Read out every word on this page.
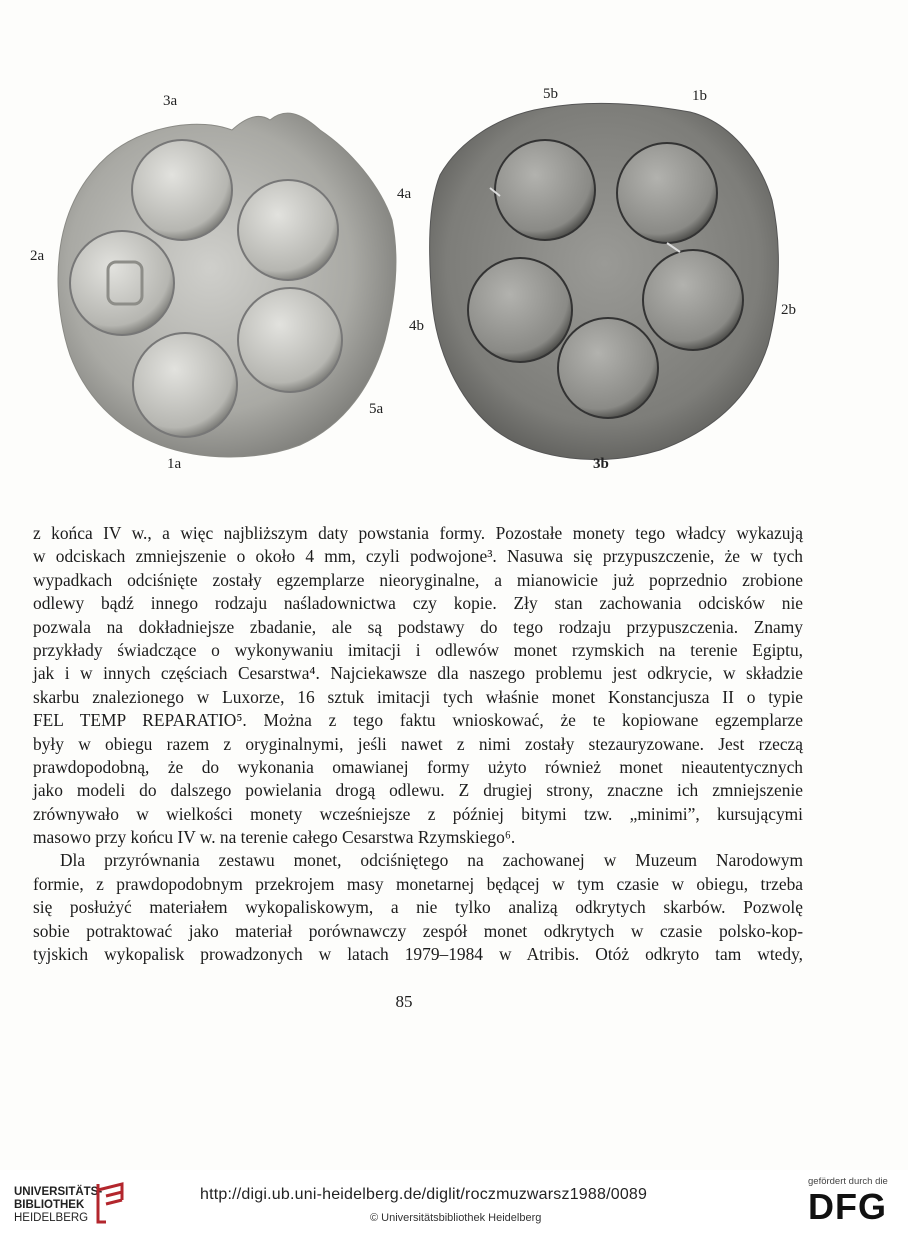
3a
4a
2a
5a
1a
5b	1b
2b
4b
3b
z końca IV w., a więc najbliższym daty powstania formy. Pozostałe monety tego władcy wykazują
w odciskach zmniejszenie o około 4 mm, czyli podwojone³. Nasuwa się przypuszczenie, że w tych
wypadkach odciśnięte zostały egzemplarze nieoryginalne, a mianowicie już poprzednio zrobione
odlewy bądź innego rodzaju naśladownictwa czy kopie. Zły stan zachowania odcisków nie
pozwala na dokładniejsze zbadanie, ale są podstawy do tego rodzaju przypuszczenia. Znamy
przykłady świadczące o wykonywaniu imitacji i odlewów monet rzymskich na terenie Egiptu,
jak i w innych częściach Cesarstwa⁴. Najciekawsze dla naszego problemu jest odkrycie, w składzie
skarbu znalezionego w Luxorze, 16 sztuk imitacji tych właśnie monet Konstancjusza II o typie
FEL TEMP REPARATIO⁵. Można z tego faktu wnioskować, że te kopiowane egzemplarze
były w obiegu razem z oryginalnymi, jeśli nawet z nimi zostały stezauryzowane. Jest rzeczą
prawdopodobną, że do wykonania omawianej formy użyto również monet nieautentycznych
jako modeli do dalszego powielania drogą odlewu. Z drugiej strony, znaczne ich zmniejszenie
zrównywało w wielkości monety wcześniejsze z później bitymi tzw. „minimi”, kursującymi
masowo przy końcu IV w. na terenie całego Cesarstwa Rzymskiego⁶.
Dla przyrównania zestawu monet, odciśniętego na zachowanej w Muzeum Narodowym
formie, z prawdopodobnym przekrojem masy monetarnej będącej w tym czasie w obiegu, trzeba
się posłużyć materiałem wykopaliskowym, a nie tylko analizą odkrytych skarbów. Pozwolę
sobie potraktować jako materiał porównawczy zespół monet odkrytych w czasie polsko-kop-
tyjskich wykopalisk prowadzonych w latach 1979–1984 w Atribis. Otóż odkryto tam wtedy,
85
UNIVERSITÄTS-
BIBLIOTHEK
HEIDELBERG
http://digi.ub.uni-heidelberg.de/diglit/roczmuzwarsz1988/0089
© Universitätsbibliothek Heidelberg
gefördert durch die
DFG
